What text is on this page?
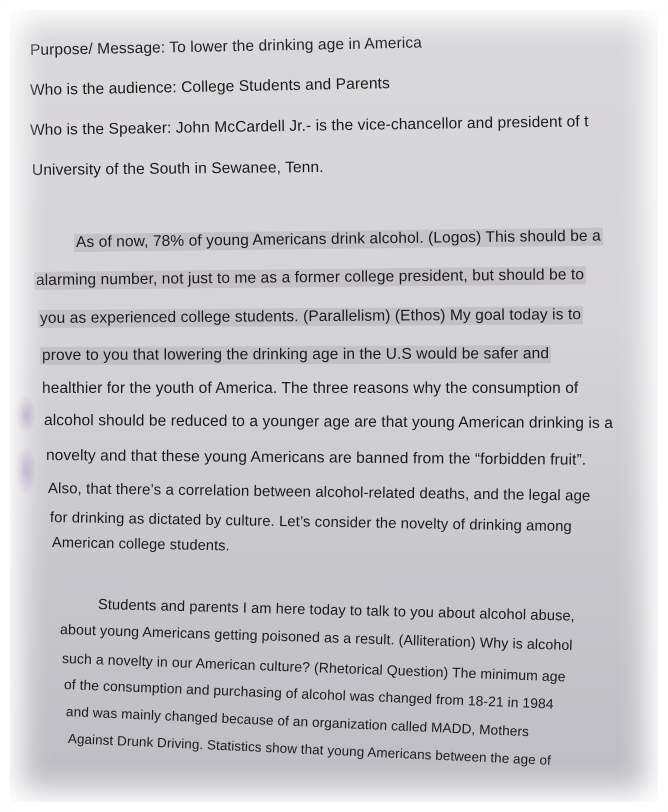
Purpose/ Message: To lower the drinking age in America
Who is the audience: College Students and Parents
Who is the Speaker: John McCardell Jr.- is the vice-chancellor and president of t
University of the South in Sewanee, Tenn.
As of now, 78% of young Americans drink alcohol. (Logos) This should be a
alarming number, not just to me as a former college president, but should be to
you as experienced college students. (Parallelism) (Ethos) My goal today is to
prove to you that lowering the drinking age in the U.S would be safer and
healthier for the youth of America. The three reasons why the consumption of
alcohol should be reduced to a younger age are that young American drinking is a
novelty and that these young Americans are banned from the “forbidden fruit”.
Also, that there’s a correlation between alcohol-related deaths, and the legal age
for drinking as dictated by culture. Let’s consider the novelty of drinking among
American college students.
Students and parents I am here today to talk to you about alcohol abuse,
about young Americans getting poisoned as a result. (Alliteration) Why is alcohol
such a novelty in our American culture? (Rhetorical Question) The minimum age
of the consumption and purchasing of alcohol was changed from 18-21 in 1984
and was mainly changed because of an organization called MADD, Mothers
Against Drunk Driving. Statistics show that young Americans between the age of
